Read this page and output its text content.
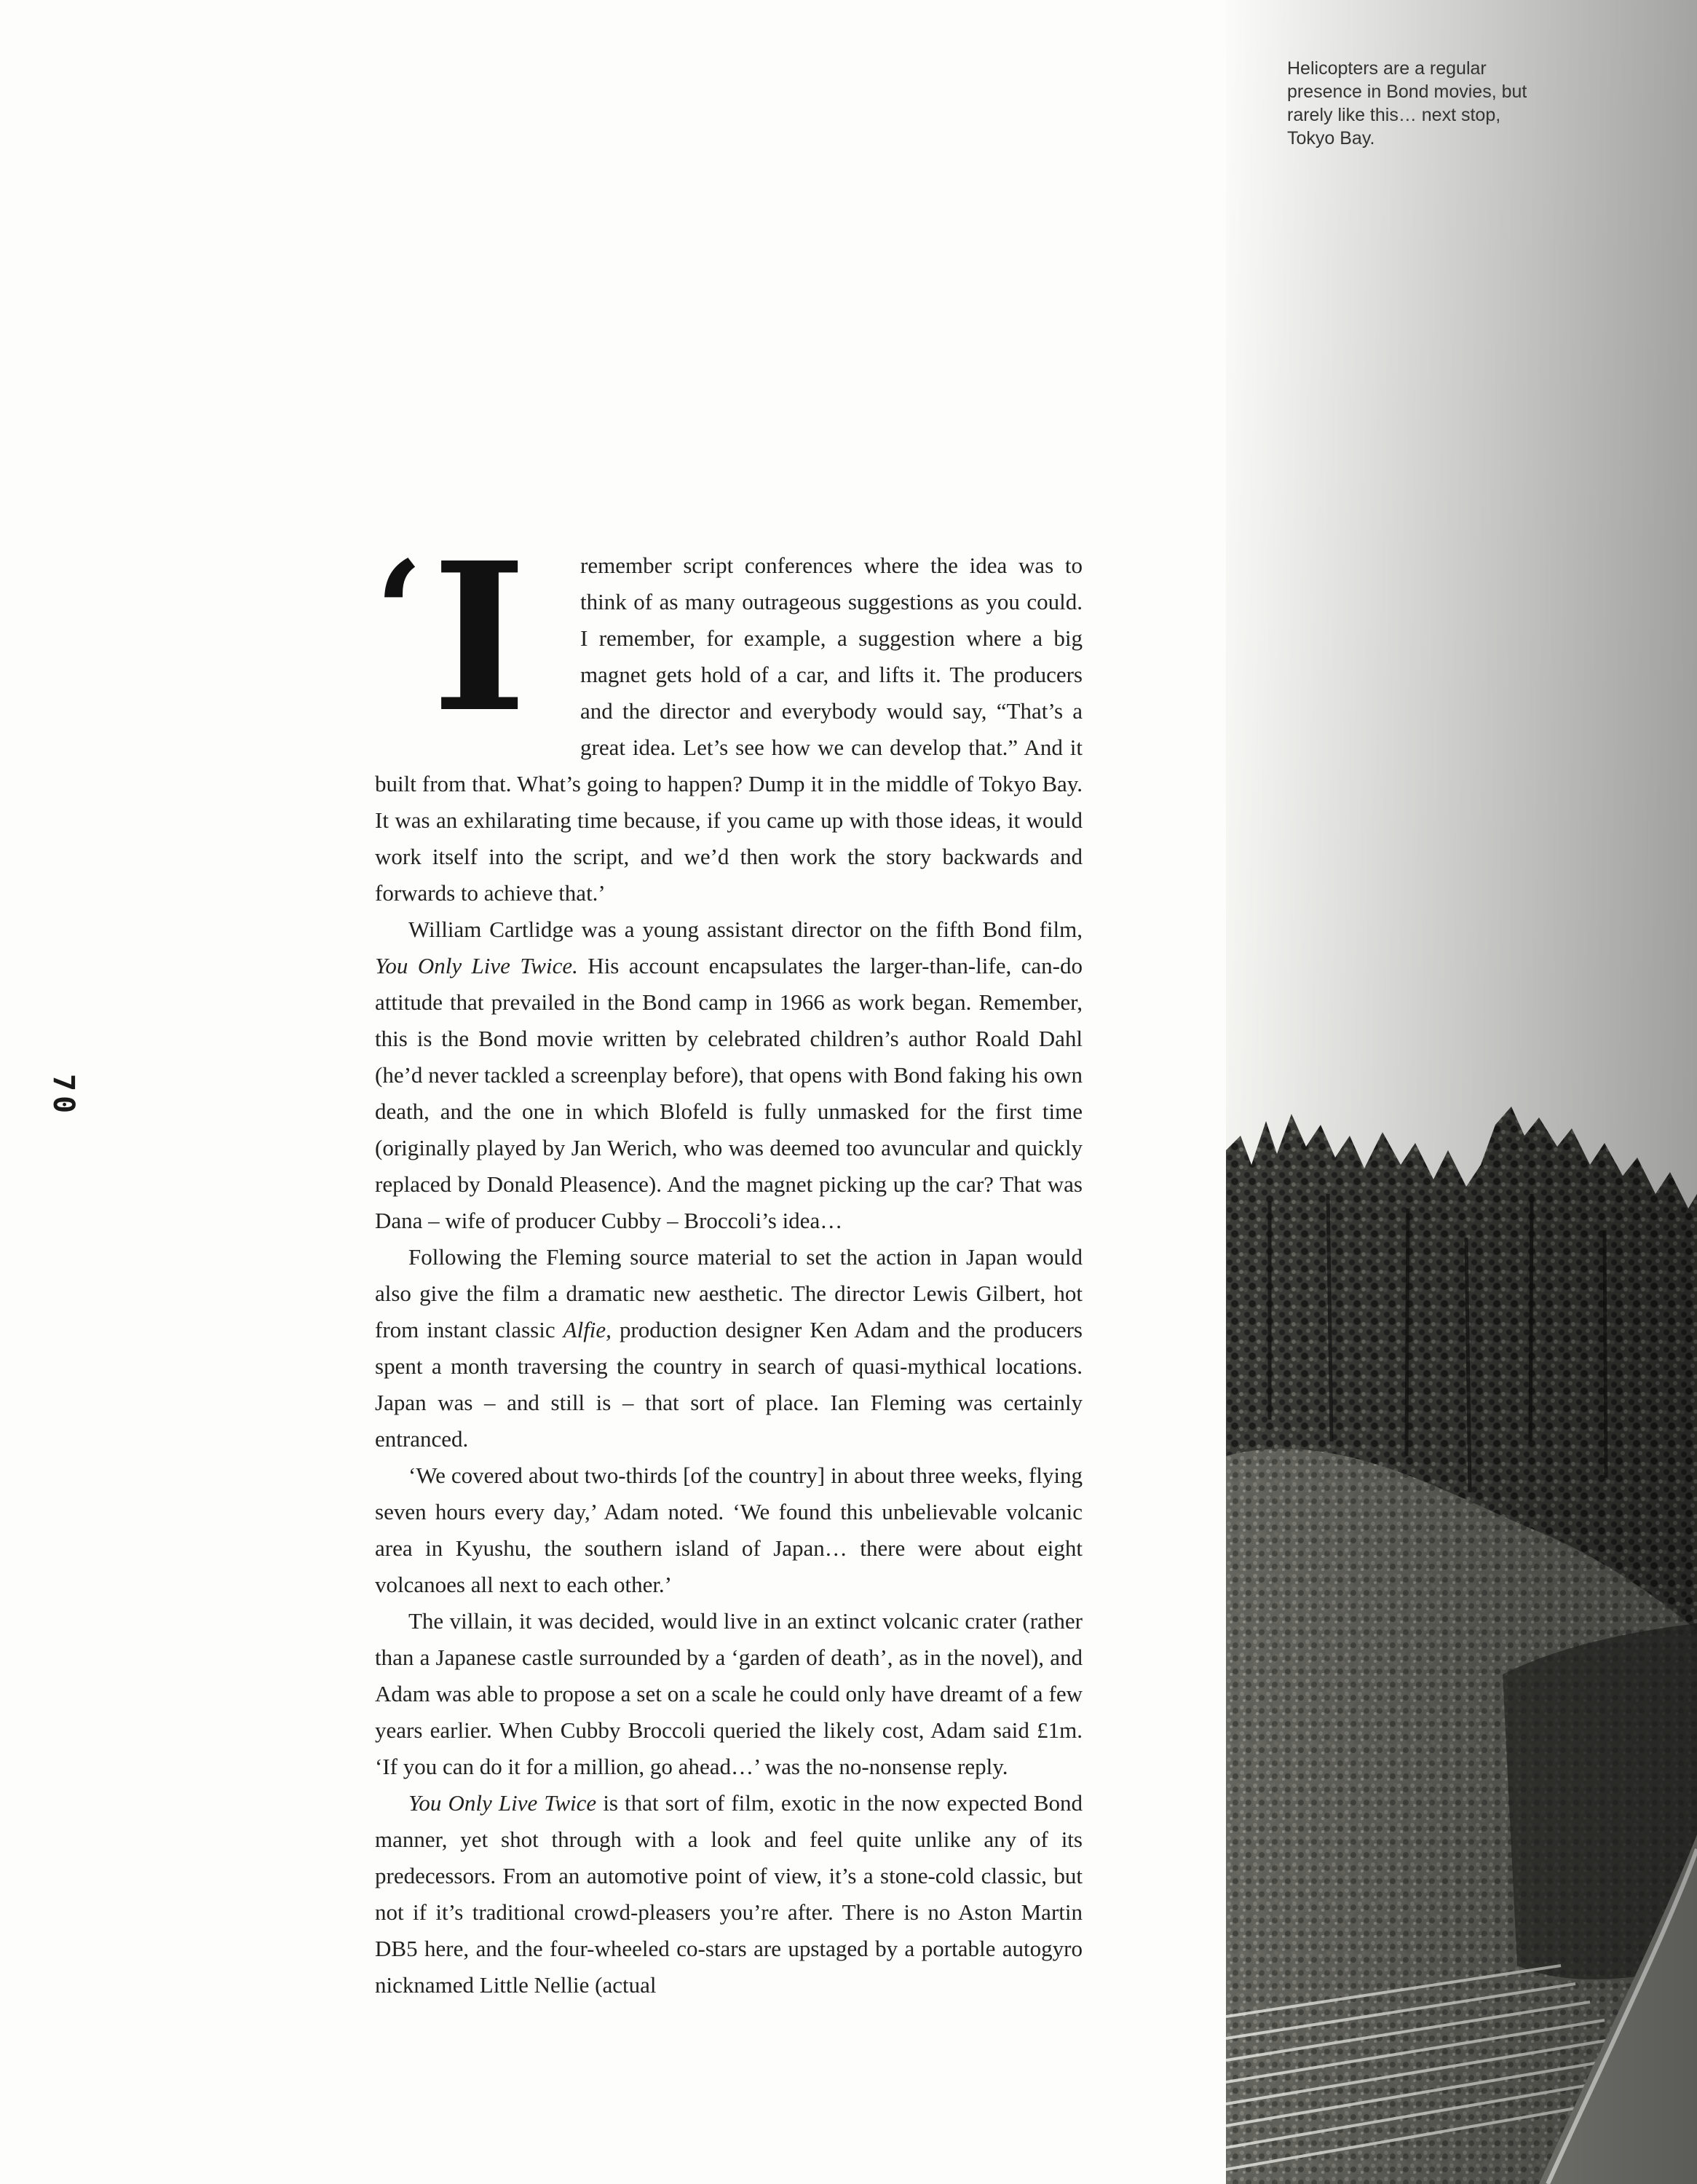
Helicopters are a regular presence in Bond movies, but rarely like this… next stop, Tokyo Bay.
70

‘ I remember script conferences where the idea was to think of as many outrageous suggestions as you could. I remember, for example, a suggestion where a big magnet gets hold of a car, and lifts it. The producers and the director and everybody would say, “That’s a great idea. Let’s see how we can develop that.” And it built from that. What’s going to happen? Dump it in the middle of Tokyo Bay. It was an exhilarating time because, if you came up with those ideas, it would work itself into the script, and we’d then work the story backwards and forwards to achieve that.’

William Cartlidge was a young assistant director on the fifth Bond film, You Only Live Twice. His account encapsulates the larger-than-life, can-do attitude that prevailed in the Bond camp in 1966 as work began. Remember, this is the Bond movie written by celebrated children’s author Roald Dahl (he’d never tackled a screenplay before), that opens with Bond faking his own death, and the one in which Blofeld is fully unmasked for the first time (originally played by Jan Werich, who was deemed too avuncular and quickly replaced by Donald Pleasence). And the magnet picking up the car? That was Dana – wife of producer Cubby – Broccoli’s idea…

Following the Fleming source material to set the action in Japan would also give the film a dramatic new aesthetic. The director Lewis Gilbert, hot from instant classic Alfie, production designer Ken Adam and the producers spent a month traversing the country in search of quasi-mythical locations. Japan was – and still is – that sort of place. Ian Fleming was certainly entranced.

‘We covered about two-thirds [of the country] in about three weeks, flying seven hours every day,’ Adam noted. ‘We found this unbelievable volcanic area in Kyushu, the southern island of Japan… there were about eight volcanoes all next to each other.’

The villain, it was decided, would live in an extinct volcanic crater (rather than a Japanese castle surrounded by a ‘garden of death’, as in the novel), and Adam was able to propose a set on a scale he could only have dreamt of a few years earlier. When Cubby Broccoli queried the likely cost, Adam said £1m. ‘If you can do it for a million, go ahead…’ was the no-nonsense reply.

You Only Live Twice is that sort of film, exotic in the now expected Bond manner, yet shot through with a look and feel quite unlike any of its predecessors. From an automotive point of view, it’s a stone-cold classic, but not if it’s traditional crowd-pleasers you’re after. There is no Aston Martin DB5 here, and the four-wheeled co-stars are upstaged by a portable autogyro nicknamed Little Nellie (actual
